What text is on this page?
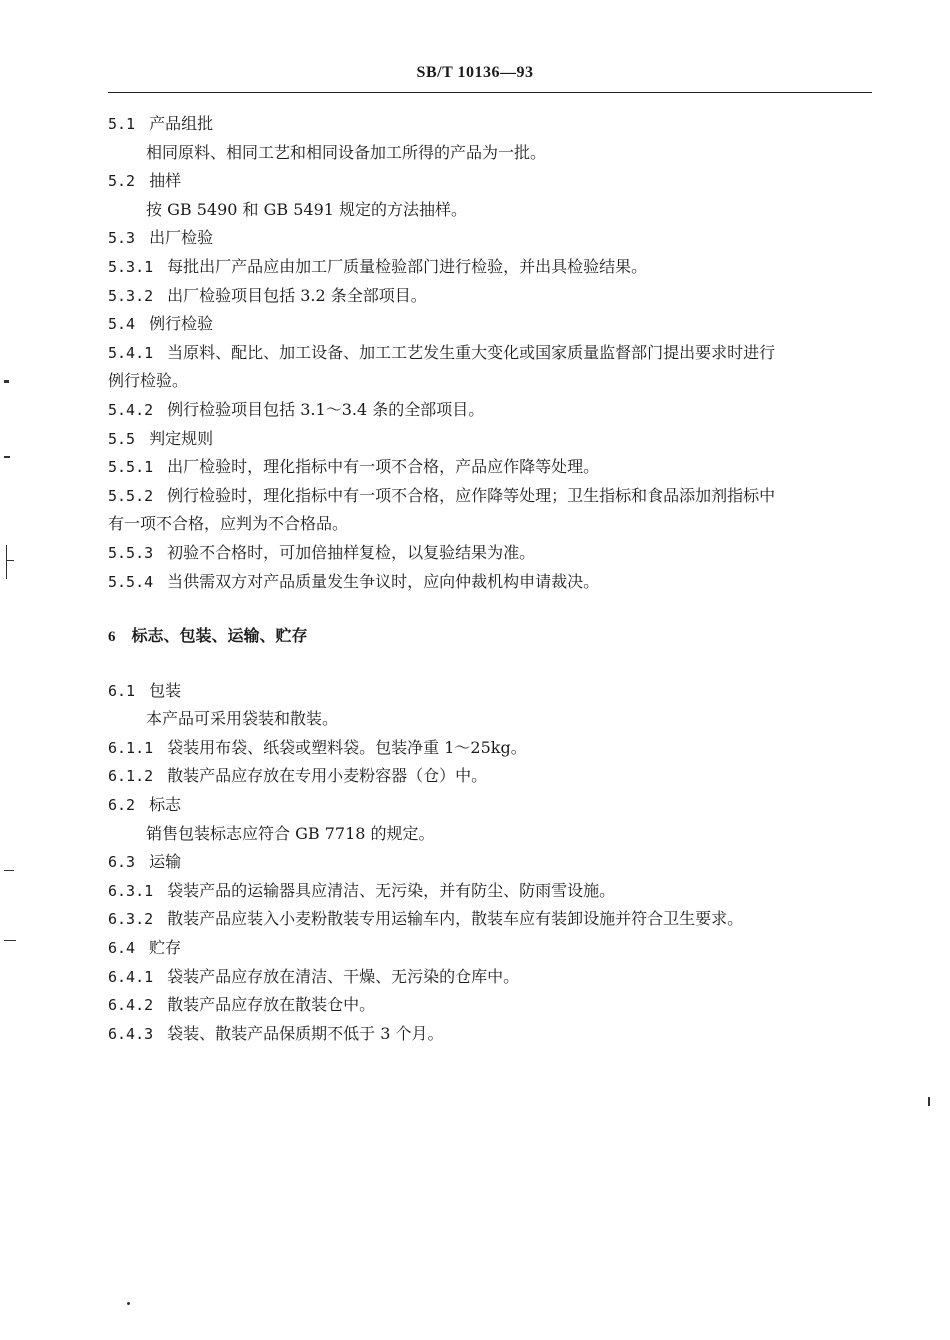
SB/T 10136—93
5.1 产品组批
相同原料、相同工艺和相同设备加工所得的产品为一批。
5.2 抽样
按 GB 5490 和 GB 5491 规定的方法抽样。
5.3 出厂检验
5.3.1 每批出厂产品应由加工厂质量检验部门进行检验，并出具检验结果。
5.3.2 出厂检验项目包括 3.2 条全部项目。
5.4 例行检验
5.4.1 当原料、配比、加工设备、加工工艺发生重大变化或国家质量监督部门提出要求时进行
例行检验。
5.4.2 例行检验项目包括 3.1～3.4 条的全部项目。
5.5 判定规则
5.5.1 出厂检验时，理化指标中有一项不合格，产品应作降等处理。
5.5.2 例行检验时，理化指标中有一项不合格，应作降等处理；卫生指标和食品添加剂指标中
有一项不合格，应判为不合格品。
5.5.3 初验不合格时，可加倍抽样复检，以复验结果为准。
5.5.4 当供需双方对产品质量发生争议时，应向仲裁机构申请裁决。
6 标志、包装、运输、贮存
6.1 包装
本产品可采用袋装和散装。
6.1.1 袋装用布袋、纸袋或塑料袋。包装净重 1～25kg。
6.1.2 散装产品应存放在专用小麦粉容器（仓）中。
6.2 标志
销售包装标志应符合 GB 7718 的规定。
6.3 运输
6.3.1 袋装产品的运输器具应清洁、无污染，并有防尘、防雨雪设施。
6.3.2 散装产品应装入小麦粉散装专用运输车内，散装车应有装卸设施并符合卫生要求。
6.4 贮存
6.4.1 袋装产品应存放在清洁、干燥、无污染的仓库中。
6.4.2 散装产品应存放在散装仓中。
6.4.3 袋装、散装产品保质期不低于 3 个月。
